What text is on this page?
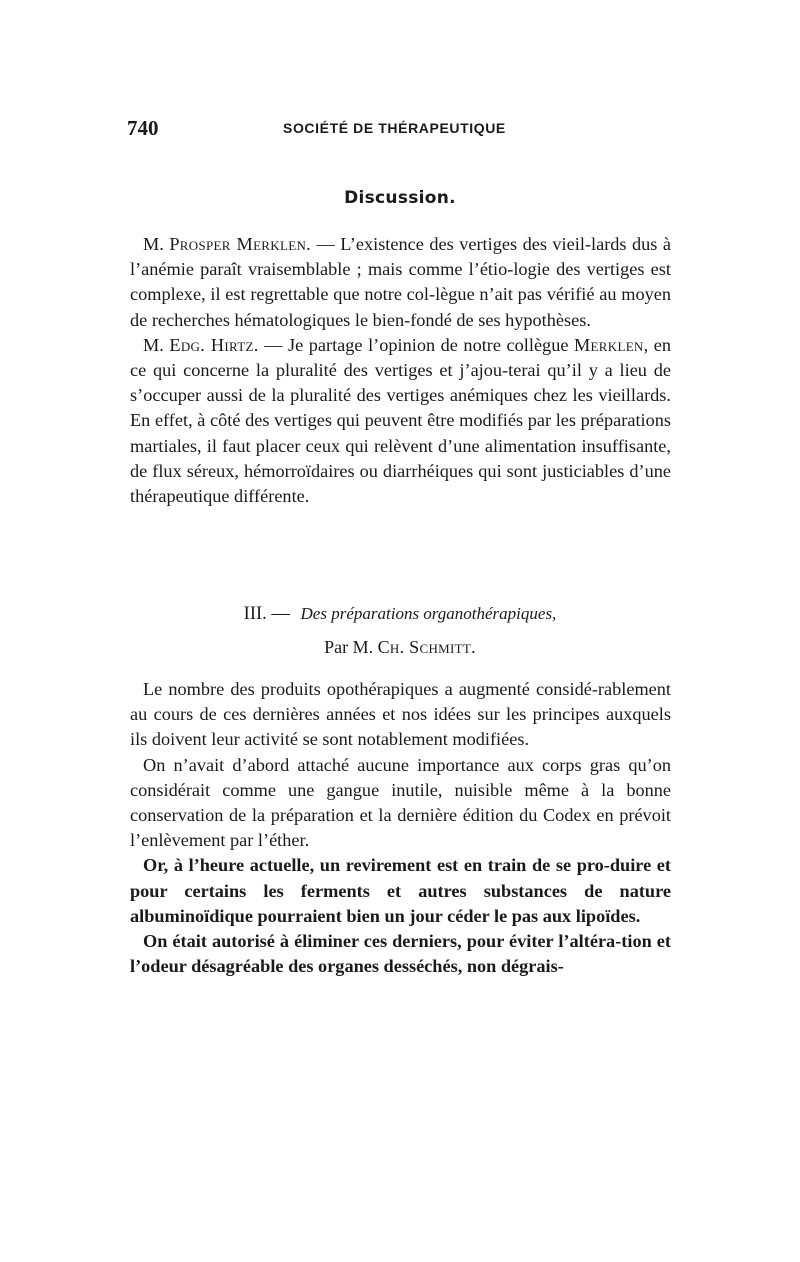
740	SOCIÉTÉ DE THÉRAPEUTIQUE
Discussion.

M. Prosper Merklen. — L’existence des vertiges des vieil-lards dus à l’anémie paraît vraisemblable ; mais comme l’étio-logie des vertiges est complexe, il est regrettable que notre col-lègue n’ait pas vérifié au moyen de recherches hématologiques le bien-fondé de ses hypothèses.

M. Edg. Hirtz. — Je partage l’opinion de notre collègue Merklen, en ce qui concerne la pluralité des vertiges et j’ajou-terai qu’il y a lieu de s’occuper aussi de la pluralité des vertiges anémiques chez les vieillards. En effet, à côté des vertiges qui peuvent être modifiés par les préparations martiales, il faut placer ceux qui relèvent d’une alimentation insuffisante, de flux séreux, hémorroïdaires ou diarrhéiques qui sont justiciables d’une thérapeutique différente.

III. — Des préparations organothérapiques,
Par M. Ch. Schmitt.

Le nombre des produits opothérapiques a augmenté considé-rablement au cours de ces dernières années et nos idées sur les principes auxquels ils doivent leur activité se sont notablement modifiées.

On n’avait d’abord attaché aucune importance aux corps gras qu’on considérait comme une gangue inutile, nuisible même à la bonne conservation de la préparation et la dernière édition du Codex en prévoit l’enlèvement par l’éther.

Or, à l’heure actuelle, un revirement est en train de se pro-duire et pour certains les ferments et autres substances de nature albuminoïdique pourraient bien un jour céder le pas aux lipoïdes.

On était autorisé à éliminer ces derniers, pour éviter l’altéra-tion et l’odeur désagréable des organes desséchés, non dégrais-
